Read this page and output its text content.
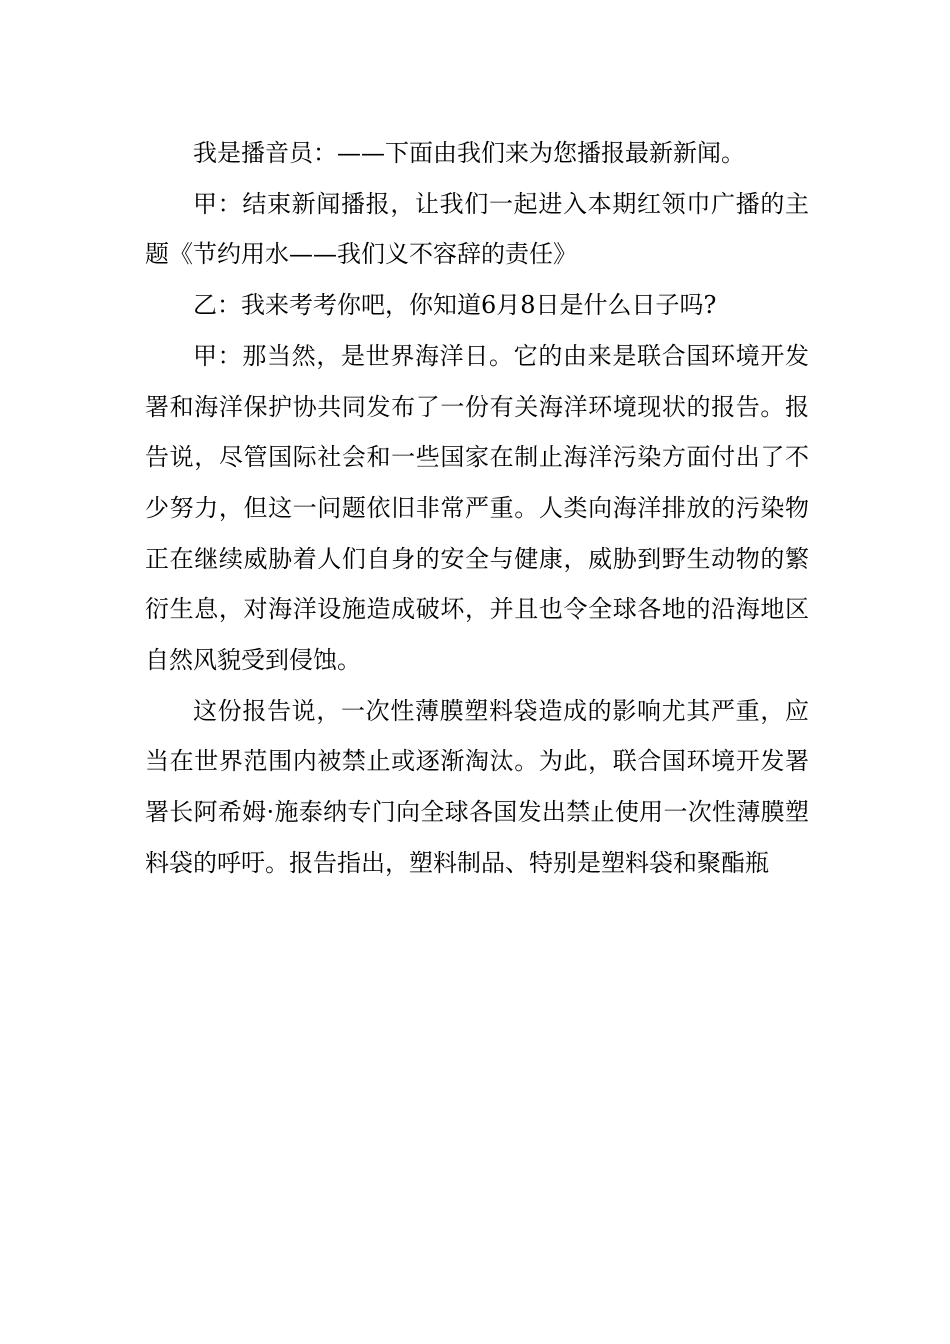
我是播音员：——下面由我们来为您播报最新新闻。

甲：结束新闻播报，让我们一起进入本期红领巾广播的主题《节约用水——我们义不容辞的责任》

乙：我来考考你吧，你知道6月8日是什么日子吗?

甲：那当然，是世界海洋日。它的由来是联合国环境开发署和海洋保护协共同发布了一份有关海洋环境现状的报告。报告说，尽管国际社会和一些国家在制止海洋污染方面付出了不少努力，但这一问题依旧非常严重。人类向海洋排放的污染物正在继续威胁着人们自身的安全与健康，威胁到野生动物的繁衍生息，对海洋设施造成破坏，并且也令全球各地的沿海地区自然风貌受到侵蚀。

这份报告说，一次性薄膜塑料袋造成的影响尤其严重，应当在世界范围内被禁止或逐渐淘汰。为此，联合国环境开发署署长阿希姆·施泰纳专门向全球各国发出禁止使用一次性薄膜塑料袋的呼吁。报告指出，塑料制品、特别是塑料袋和聚酯瓶
